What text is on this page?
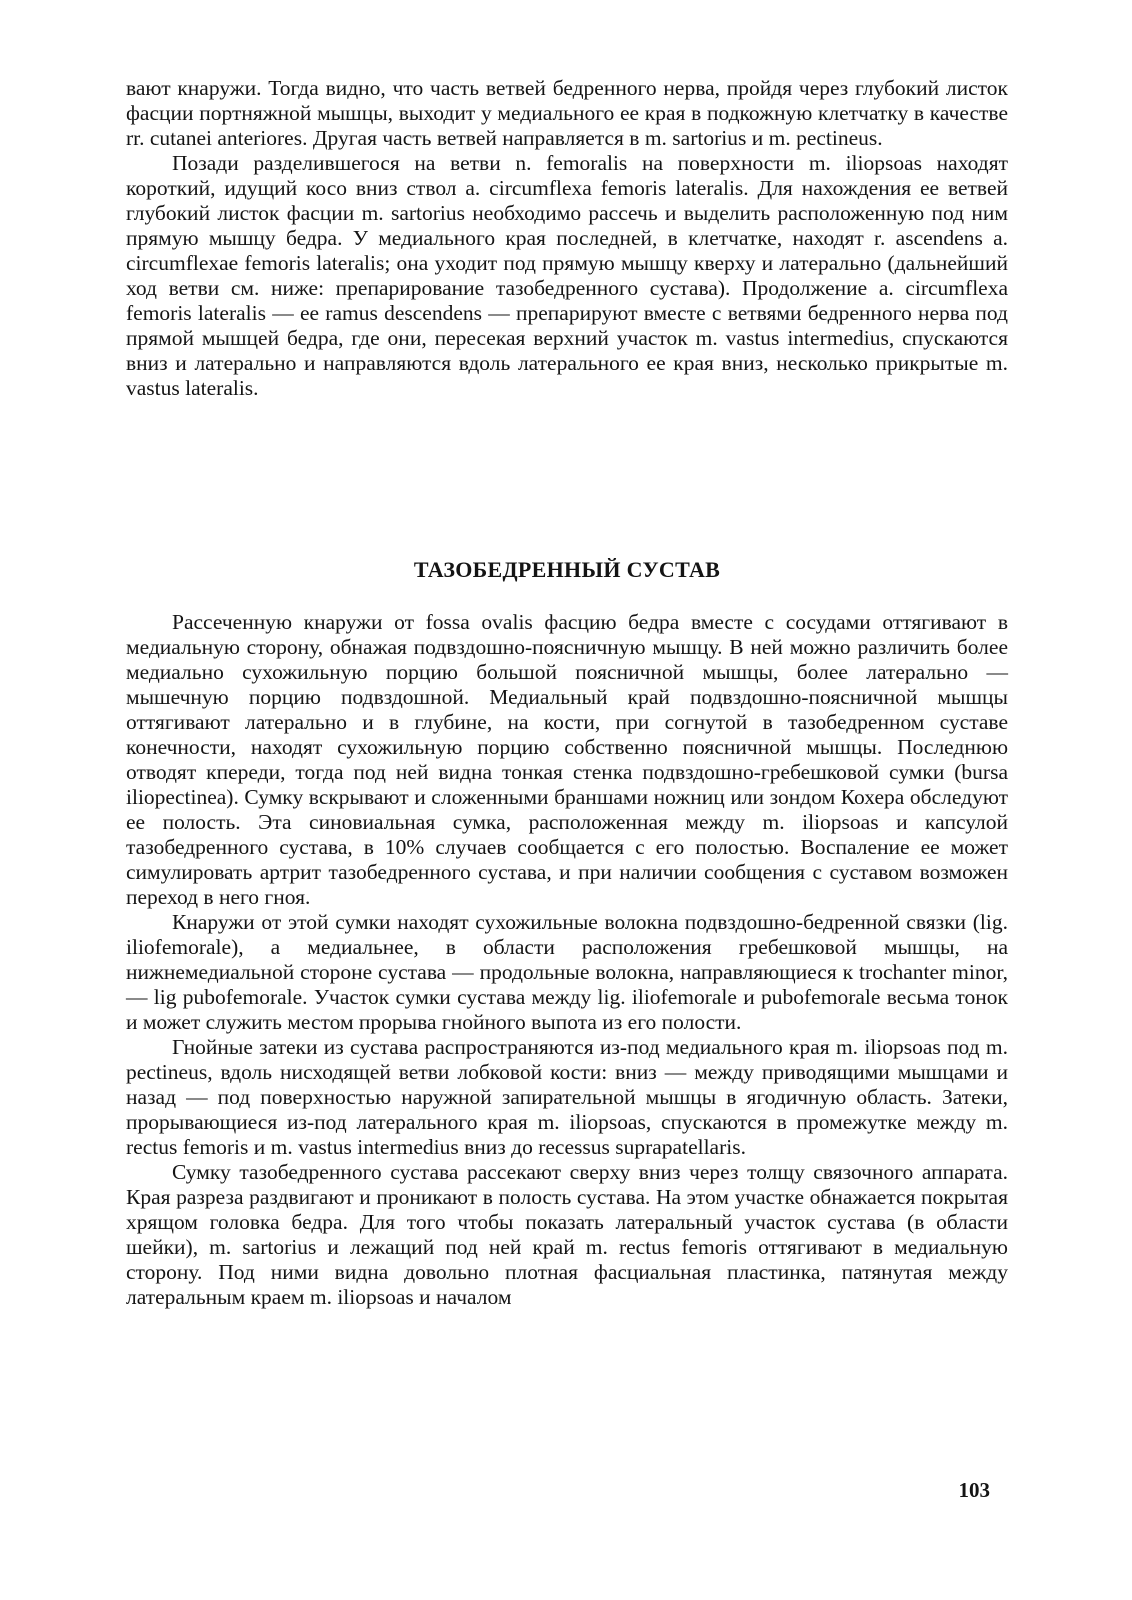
вают кнаружи. Тогда видно, что часть ветвей бедренного нерва, пройдя через глубокий листок фасции портняжной мышцы, выходит у медиального ее края в подкожную клетчатку в качестве rr. cutanei anteriores. Другая часть ветвей направляется в m. sartorius и m. pectineus.

Позади разделившегося на ветви n. femoralis на поверхности m. iliopsoas находят короткий, идущий косо вниз ствол a. circumflexa femoris lateralis. Для нахождения ее ветвей глубокий листок фасции m. sartorius необходимо рассечь и выделить расположенную под ним прямую мышцу бедра. У медиального края последней, в клетчатке, находят r. ascendens a. circumflexae femoris lateralis; она уходит под прямую мышцу кверху и латерально (дальнейший ход ветви см. ниже: препарирование тазобедренного сустава). Продолжение a. circumflexa femoris lateralis — ее ramus descendens — препарируют вместе с ветвями бедренного нерва под прямой мышцей бедра, где они, пересекая верхний участок m. vastus intermedius, спускаются вниз и латерально и направляются вдоль латерального ее края вниз, несколько прикрытые m. vastus lateralis.

ТАЗОБЕДРЕННЫЙ СУСТАВ

Рассеченную кнаружи от fossa ovalis фасцию бедра вместе с сосудами оттягивают в медиальную сторону, обнажая подвздошно-поясничную мышцу. В ней можно различить более медиально сухожильную порцию большой поясничной мышцы, более латерально — мышечную порцию подвздошной. Медиальный край подвздошно-поясничной мышцы оттягивают латерально и в глубине, на кости, при согнутой в тазобедренном суставе конечности, находят сухожильную порцию собственно поясничной мышцы. Последнюю отводят кпереди, тогда под ней видна тонкая стенка подвздошно-гребешковой сумки (bursa iliopectinea). Сумку вскрывают и сложенными браншами ножниц или зондом Кохера обследуют ее полость. Эта синовиальная сумка, расположенная между m. iliopsoas и капсулой тазобедренного сустава, в 10% случаев сообщается с его полостью. Воспаление ее может симулировать артрит тазобедренного сустава, и при наличии сообщения с суставом возможен переход в него гноя.

Кнаружи от этой сумки находят сухожильные волокна подвздошно-бедренной связки (lig. iliofemorale), а медиальнее, в области расположения гребешковой мышцы, на нижнемедиальной стороне сустава — продольные волокна, направляющиеся к trochanter minor, — lig pubofemorale. Участок сумки сустава между lig. iliofemorale и pubofemorale весьма тонок и может служить местом прорыва гнойного выпота из его полости.

Гнойные затеки из сустава распространяются из-под медиального края m. iliopsoas под m. pectineus, вдоль нисходящей ветви лобковой кости: вниз — между приводящими мышцами и назад — под поверхностью наружной запирательной мышцы в ягодичную область. Затеки, прорывающиеся из-под латерального края m. iliopsoas, спускаются в промежутке между m. rectus femoris и m. vastus intermedius вниз до recessus suprapatellaris.

Сумку тазобедренного сустава рассекают сверху вниз через толщу связочного аппарата. Края разреза раздвигают и проникают в полость сустава. На этом участке обнажается покрытая хрящом головка бедра. Для того чтобы показать латеральный участок сустава (в области шейки), m. sartorius и лежащий под ней край m. rectus femoris оттягивают в медиальную сторону. Под ними видна довольно плотная фасциальная пластинка, патянутая между латеральным краем m. iliopsoas и началом

103
